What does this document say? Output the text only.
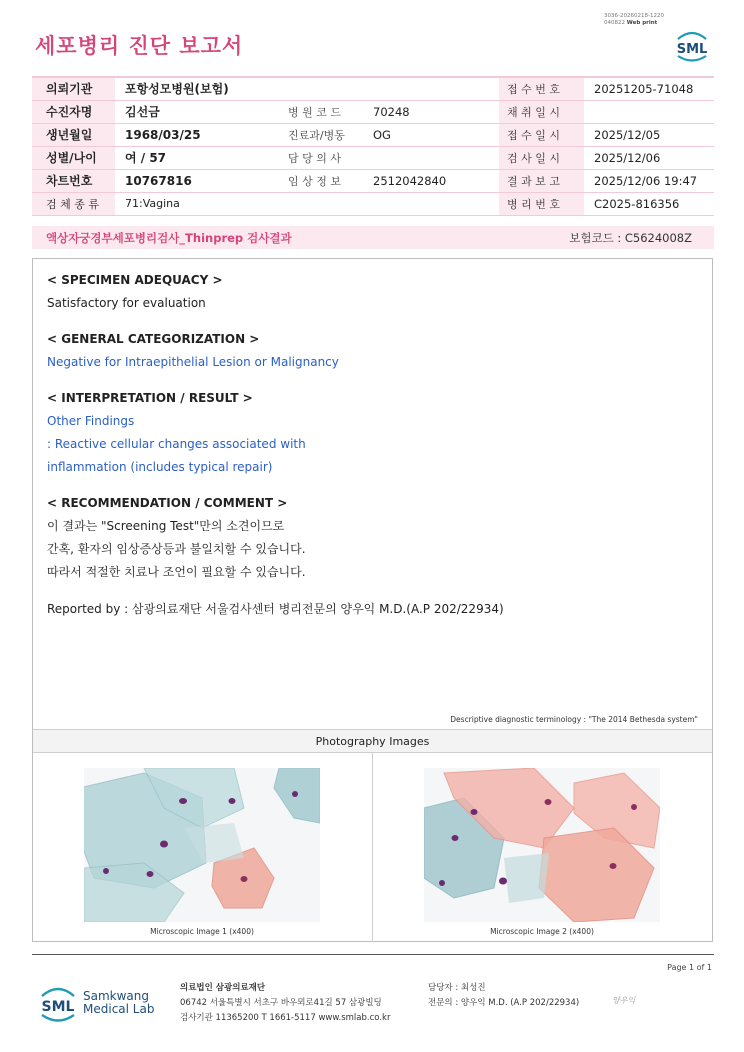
세포병리 진단 보고서
3036-20260218-1220
040822 Web print
SML
의뢰기관	포항성모병원(보험)			접 수 번 호	20251205-71048
수진자명	김선금	병 원 코 드	70248	채 취 일 시	
생년월일	1968/03/25	진료과/병동	OG	접 수 일 시	2025/12/05
성별/나이	여 / 57	담 당 의 사		검 사 일 시	2025/12/06
차트번호	10767816	임 상 정 보	2512042840	결 과 보 고	2025/12/06 19:47
검 체 종 류	71:Vagina			병 리 번 호	C2025-816356
액상자궁경부세포병리검사_Thinprep 검사결과	보험코드 : C5624008Z
< SPECIMEN ADEQUACY >
Satisfactory for evaluation
< GENERAL CATEGORIZATION >
Negative for Intraepithelial Lesion or Malignancy
< INTERPRETATION / RESULT >
Other Findings
: Reactive cellular changes associated with
inflammation (includes typical repair)
< RECOMMENDATION / COMMENT >
이 결과는 "Screening Test"만의 소견이므로
간혹, 환자의 임상증상등과 불일치할 수 있습니다.
따라서 적절한 치료나 조언이 필요할 수 있습니다.
Reported by : 삼광의료재단 서울검사센터 병리전문의 양우익 M.D.(A.P 202/22934)
Descriptive diagnostic terminology : "The 2014 Bethesda system"
Photography Images
Microscopic Image 1 (x400)	Microscopic Image 2 (x400)
Page 1 of 1
SML
Samkwang
Medical Lab
의료법인 삼광의료재단
06742 서울특별시 서초구 바우뫼로41길 57 삼광빌딩
검사기관 11365200 T 1661-5117 www.smlab.co.kr
담당자 : 최성진
전문의 : 양우익 M.D. (A.P 202/22934)	양우익
